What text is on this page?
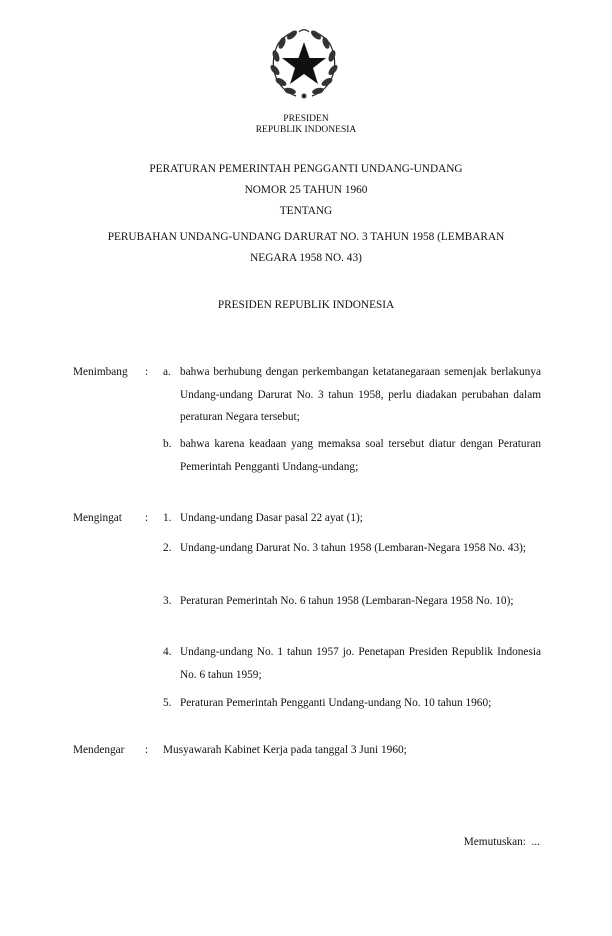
PRESIDEN
REPUBLIK INDONESIA
PERATURAN PEMERINTAH PENGGANTI UNDANG-UNDANG
NOMOR 25 TAHUN 1960
TENTANG
PERUBAHAN UNDANG-UNDANG DARURAT NO. 3 TAHUN 1958 (LEMBARAN
NEGARA 1958 NO. 43)
PRESIDEN REPUBLIK INDONESIA
Menimbang : a. bahwa berhubung dengan perkembangan ketatanegaraan semenjak berlakunya Undang-undang Darurat No. 3 tahun 1958, perlu diadakan perubahan dalam peraturan Negara tersebut;
b. bahwa karena keadaan yang memaksa soal tersebut diatur dengan Peraturan Pemerintah Pengganti Undang-undang;
Mengingat : 1. Undang-undang Dasar pasal 22 ayat (1);
2. Undang-undang Darurat No. 3 tahun 1958 (Lembaran-Negara 1958 No. 43);
3. Peraturan Pemerintah No. 6 tahun 1958 (Lembaran-Negara 1958 No. 10);
4. Undang-undang No. 1 tahun 1957 jo. Penetapan Presiden Republik Indonesia No. 6 tahun 1959;
5. Peraturan Pemerintah Pengganti Undang-undang No. 10 tahun 1960;
Mendengar : Musyawarah Kabinet Kerja pada tanggal 3 Juni 1960;
Memutuskan:  ...
